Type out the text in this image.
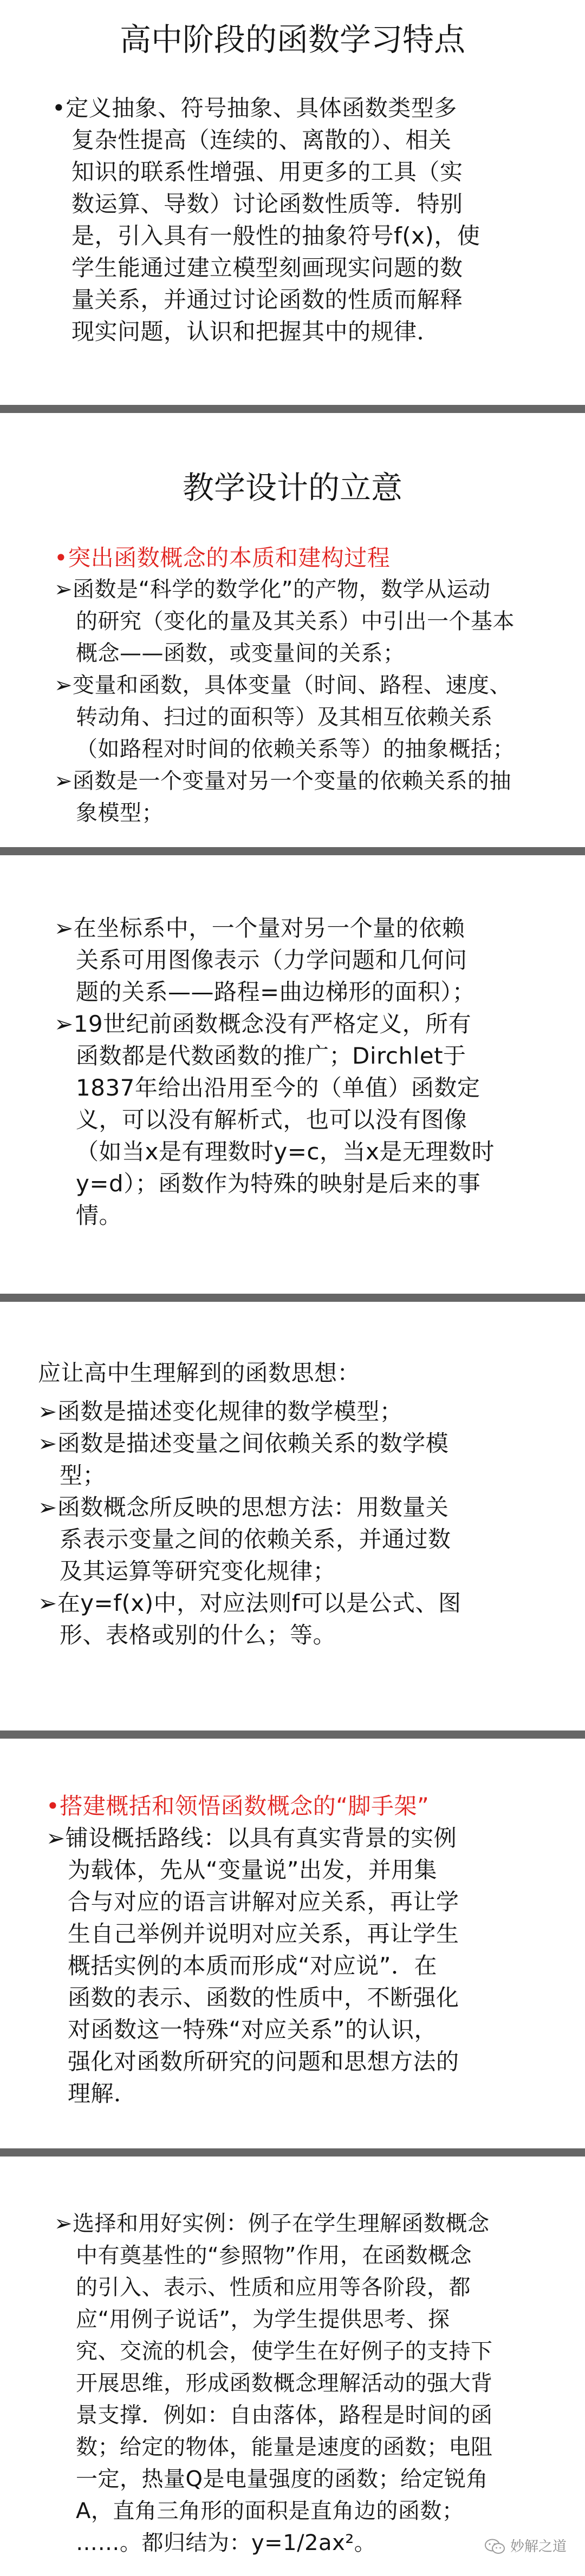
高中阶段的函数学习特点
•定义抽象、符号抽象、具体函数类型多
复杂性提高（连续的、离散的）、相关
知识的联系性增强、用更多的工具（实
数运算、导数）讨论函数性质等．特别
是，引入具有一般性的抽象符号f(x)，使
学生能通过建立模型刻画现实问题的数
量关系，并通过讨论函数的性质而解释
现实问题，认识和把握其中的规律．
教学设计的立意
•突出函数概念的本质和建构过程
➢函数是“科学的数学化”的产物，数学从运动
的研究（变化的量及其关系）中引出一个基本
概念——函数，或变量间的关系；
➢变量和函数，具体变量（时间、路程、速度、
转动角、扫过的面积等）及其相互依赖关系
（如路程对时间的依赖关系等）的抽象概括；
➢函数是一个变量对另一个变量的依赖关系的抽
象模型；
➢在坐标系中，一个量对另一个量的依赖
关系可用图像表示（力学问题和几何问
题的关系——路程=曲边梯形的面积）；
➢19世纪前函数概念没有严格定义，所有
函数都是代数函数的推广；Dirchlet于
1837年给出沿用至今的（单值）函数定
义，可以没有解析式，也可以没有图像
（如当x是有理数时y=c，当x是无理数时
y=d）；函数作为特殊的映射是后来的事
情。
应让高中生理解到的函数思想：
➢函数是描述变化规律的数学模型；
➢函数是描述变量之间依赖关系的数学模
型；
➢函数概念所反映的思想方法：用数量关
系表示变量之间的依赖关系，并通过数
及其运算等研究变化规律；
➢在y=f(x)中，对应法则f可以是公式、图
形、表格或别的什么；等。
•搭建概括和领悟函数概念的“脚手架”
➢铺设概括路线：以具有真实背景的实例
为载体，先从“变量说”出发，并用集
合与对应的语言讲解对应关系，再让学
生自己举例并说明对应关系，再让学生
概括实例的本质而形成“对应说”．在
函数的表示、函数的性质中，不断强化
对函数这一特殊“对应关系”的认识，
强化对函数所研究的问题和思想方法的
理解．
➢选择和用好实例：例子在学生理解函数概念
中有奠基性的“参照物”作用，在函数概念
的引入、表示、性质和应用等各阶段，都
应“用例子说话”，为学生提供思考、探
究、交流的机会，使学生在好例子的支持下
开展思维，形成函数概念理解活动的强大背
景支撑．例如：自由落体，路程是时间的函
数；给定的物体，能量是速度的函数；电阻
一定，热量Q是电量强度的函数；给定锐角
A，直角三角形的面积是直角边的函数；
……。都归结为：y=1/2ax²。	妙解之道
